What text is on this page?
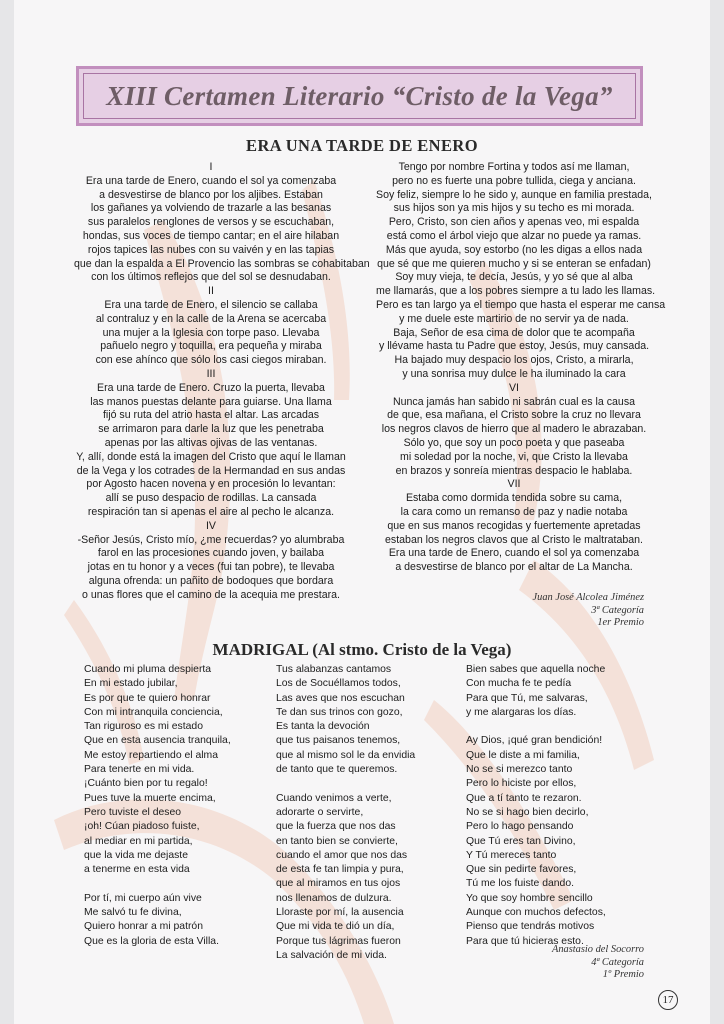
XIII Certamen Literario “Cristo de la Vega”
ERA UNA TARDE DE ENERO
I
Era una tarde de Enero, cuando el sol ya comenzaba
a desvestirse de blanco por los aljibes. Estaban
los gañanes ya volviendo de trazarle a las besanas
sus paralelos renglones de versos y se escuchaban,
hondas, sus voces de tiempo cantar; en el aire hilaban
rojos tapices las nubes con su vaivén y en las tapias
que dan la espalda a El Provencio las sombras se cohabitaban
con los últimos reflejos que del sol se desnudaban.
II
Era una tarde de Enero, el silencio se callaba
al contraluz y en la calle de la Arena se acercaba
una mujer a la Iglesia con torpe paso. Llevaba
pañuelo negro y toquilla, era pequeña y miraba
con ese ahínco que sólo los casi ciegos miraban.
III
Era una tarde de Enero. Cruzo la puerta, llevaba
las manos puestas delante para guiarse. Una llama
fijó su ruta del atrio hasta el altar. Las arcadas
se arrimaron para darle la luz que les penetraba
apenas por las altivas ojivas de las ventanas.
Y, allí, donde está la imagen del Cristo que aquí le llaman
de la Vega y los cotrades de la Hermandad en sus andas
por Agosto hacen novena y en procesión lo levantan:
allí se puso despacio de rodillas. La cansada
respiración tan si apenas el aire al pecho le alcanza.
IV
-Señor Jesús, Cristo mío, ¿me recuerdas? yo alumbraba
farol en las procesiones cuando joven, y bailaba
jotas en tu honor y a veces (fui tan pobre), te llevaba
alguna ofrenda: un pañito de bodoques que bordara
o unas flores que el camino de la acequia me prestara.
Tengo por nombre Fortina y todos así me llaman,
pero no es fuerte una pobre tullida, ciega y anciana.
Soy feliz, siempre lo he sido y, aunque en familia prestada,
sus hijos son ya mis hijos y su techo es mi morada.
Pero, Cristo, son cien años y apenas veo, mi espalda
está como el árbol viejo que alzar no puede ya ramas.
Más que ayuda, soy estorbo (no les digas a ellos nada
que sé que me quieren mucho y si se enteran se enfadan)
Soy muy vieja, te decía, Jesús, y yo sé que al alba
me llamarás, que a los pobres siempre a tu lado les llamas.
Pero es tan largo ya el tiempo que hasta el esperar me cansa
y me duele este martirio de no servir ya de nada.
Baja, Señor de esa cima de dolor que te acompaña
y llévame hasta tu Padre que estoy, Jesús, muy cansada.
Ha bajado muy despacio los ojos, Cristo, a mirarla,
y una sonrisa muy dulce le ha iluminado la cara
VI
Nunca jamás han sabido ni sabrán cual es la causa
de que, esa mañana, el Cristo sobre la cruz no llevara
los negros clavos de hierro que al madero le abrazaban.
Sólo yo, que soy un poco poeta y que paseaba
mi soledad por la noche, vi, que Cristo la llevaba
en brazos y sonreía mientras despacio le hablaba.
VII
Estaba como dormida tendida sobre su cama,
la cara como un remanso de paz y nadie notaba
que en sus manos recogidas y fuertemente apretadas
estaban los negros clavos que al Cristo le maltrataban.
Era una tarde de Enero, cuando el sol ya comenzaba
a desvestirse de blanco por el altar de La Mancha.
Juan José Alcolea Jiménez
3ª Categoría
1er Premio
MADRIGAL (Al stmo. Cristo de la Vega)
Cuando mi pluma despierta
En mi estado jubilar,
Es por que te quiero honrar
Con mi intranquila conciencia,
Tan riguroso es mi estado
Que en esta ausencia tranquila,
Me estoy repartiendo el alma
Para tenerte en mi vida.
¡Cuánto bien por tu regalo!
Pues tuve la muerte encima,
Pero tuviste el deseo
¡oh! Cúan piadoso fuiste,
al mediar en mi partida,
que la vida me dejaste
a tenerme en esta vida
Por tí, mi cuerpo aún vive
Me salvó tu fe divina,
Quiero honrar a mi patrón
Que es la gloria de esta Villa.
Tus alabanzas cantamos
Los de Socuéllamos todos,
Las aves que nos escuchan
Te dan sus trinos con gozo,
Es tanta la devoción
que tus paisanos tenemos,
que al mismo sol le da envidia
de tanto que te queremos.
Cuando venimos a verte,
adorarte o servirte,
que la fuerza que nos das
en tanto bien se convierte,
cuando el amor que nos das
de esta fe tan limpia y pura,
que al miramos en tus ojos
nos llenamos de dulzura.
Lloraste por mí, la ausencia
Que mi vida te dió un día,
Porque tus lágrimas fueron
La salvación de mi vida.
Bien sabes que aquella noche
Con mucha fe te pedía
Para que Tú, me salvaras,
y me alargaras los días.
Ay Dios, ¡qué gran bendición!
Que le diste a mi familia,
No se si merezco tanto
Pero lo hiciste por ellos,
Que a tí tanto te rezaron.
No se si hago bien decirlo,
Pero lo hago pensando
Que Tú eres tan Divino,
Y Tú mereces tanto
Que sin pedirte favores,
Tú me los fuiste dando.
Yo que soy hombre sencillo
Aunque con muchos defectos,
Pienso que tendrás motivos
Para que tú hicieras esto.
Anastasio del Socorro
4ª Categoría
1º Premio
17
